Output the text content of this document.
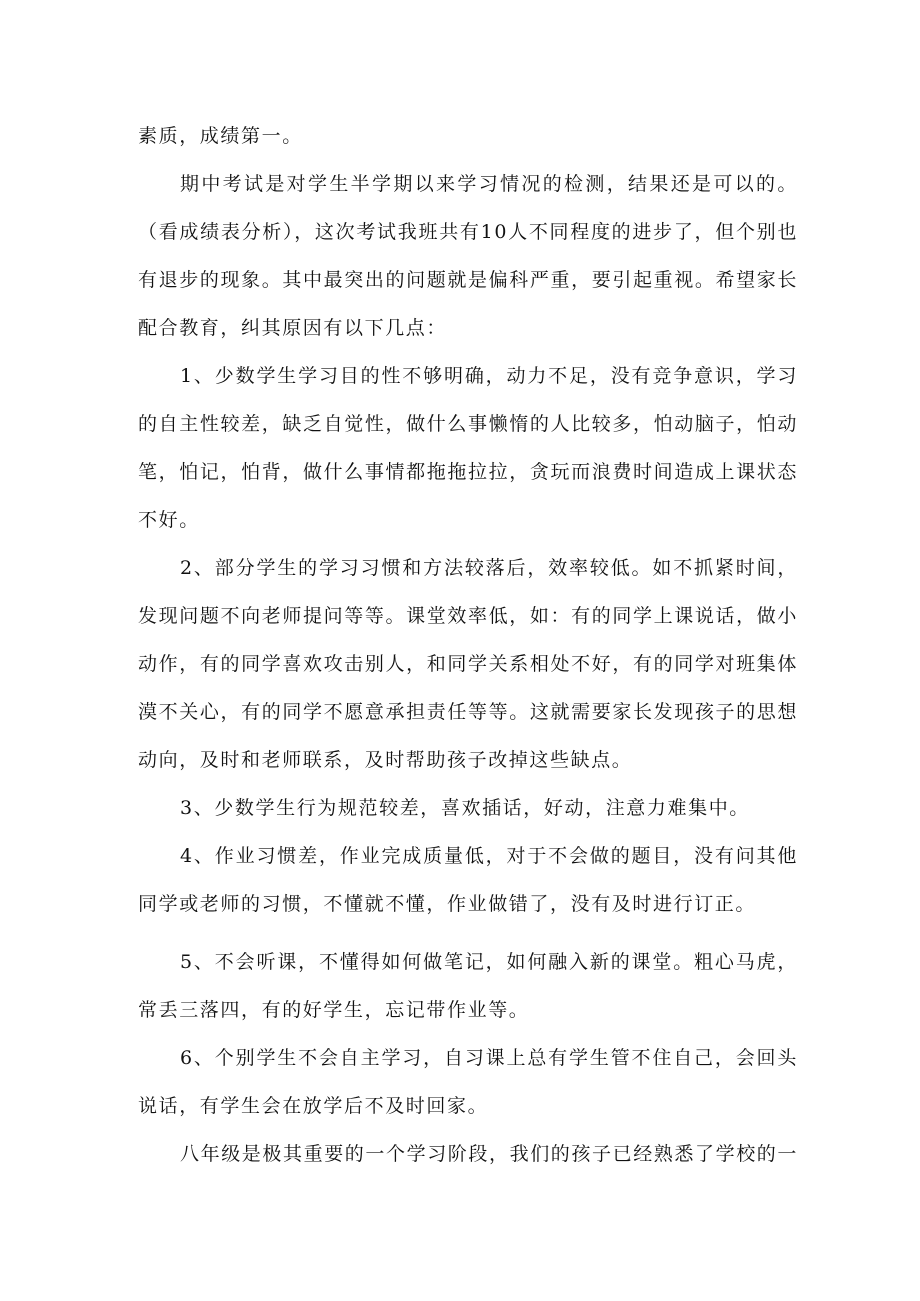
素质，成绩第一。

期中考试是对学生半学期以来学习情况的检测，结果还是可以的。（看成绩表分析），这次考试我班共有10人不同程度的进步了，但个别也有退步的现象。其中最突出的问题就是偏科严重，要引起重视。希望家长配合教育，纠其原因有以下几点：

1、少数学生学习目的性不够明确，动力不足，没有竞争意识，学习的自主性较差，缺乏自觉性，做什么事懒惰的人比较多，怕动脑子，怕动笔，怕记，怕背，做什么事情都拖拖拉拉，贪玩而浪费时间造成上课状态不好。

2、部分学生的学习习惯和方法较落后，效率较低。如不抓紧时间，发现问题不向老师提问等等。课堂效率低，如：有的同学上课说话，做小动作，有的同学喜欢攻击别人，和同学关系相处不好，有的同学对班集体漠不关心，有的同学不愿意承担责任等等。这就需要家长发现孩子的思想动向，及时和老师联系，及时帮助孩子改掉这些缺点。

3、少数学生行为规范较差，喜欢插话，好动，注意力难集中。

4、作业习惯差，作业完成质量低，对于不会做的题目，没有问其他同学或老师的习惯，不懂就不懂，作业做错了，没有及时进行订正。

5、不会听课，不懂得如何做笔记，如何融入新的课堂。粗心马虎，常丢三落四，有的好学生，忘记带作业等。

6、个别学生不会自主学习，自习课上总有学生管不住自己，会回头说话，有学生会在放学后不及时回家。

八年级是极其重要的一个学习阶段，我们的孩子已经熟悉了学校的一
